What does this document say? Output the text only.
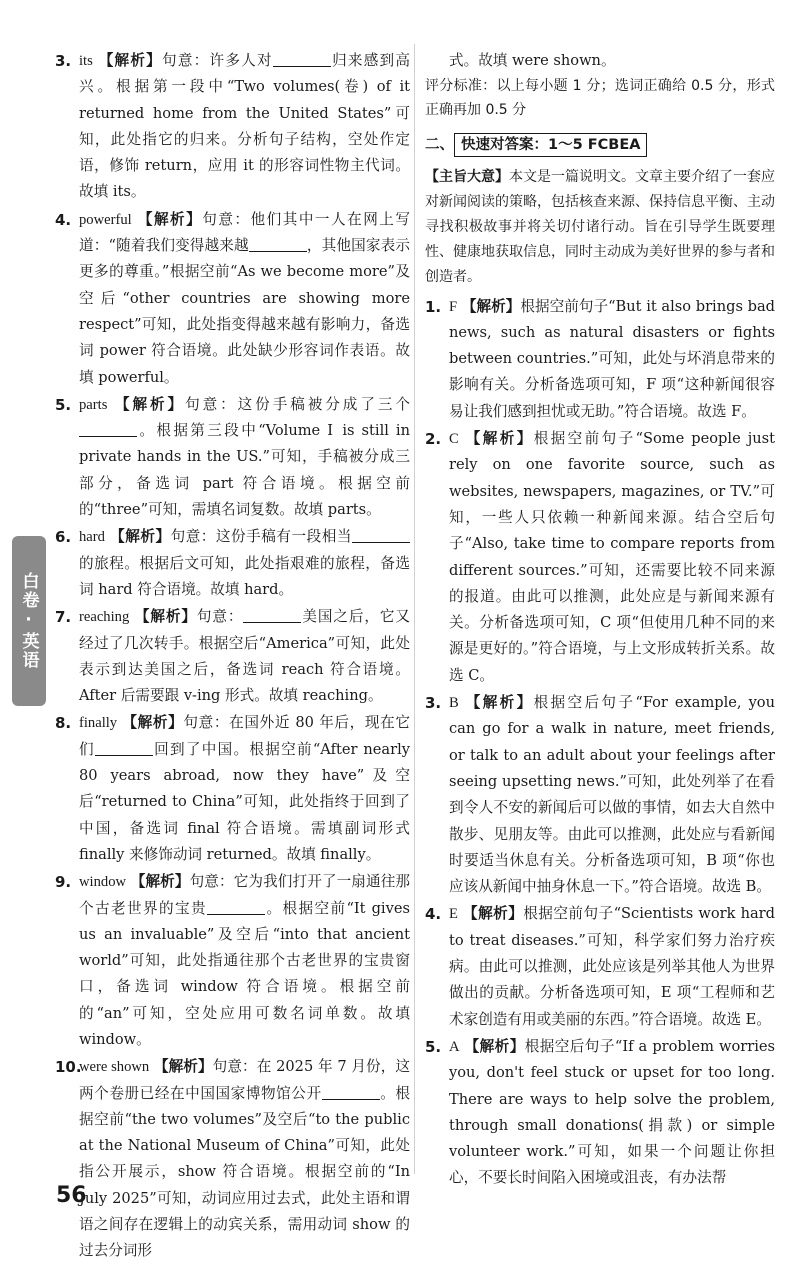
3. its 【解析】句意：许多人对	归来感到高兴。根据第一段中“Two volumes(卷) of it returned home from the United States”可知，此处指它的归来。分析句子结构，空处作定语，修饰 return，应用 it 的形容词性物主代词。故填 its。
4. powerful 【解析】句意：他们其中一人在网上写道：“随着我们变得越来越	，其他国家表示更多的尊重。”根据空前“As we become more”及空后“other countries are showing more respect”可知，此处指变得越来越有影响力，备选词 power 符合语境。此处缺少形容词作表语。故填 powerful。
5. parts 【解析】句意：这份手稿被分成了三个。根据第三段中“Volume Ⅰ is still in private hands in the US.”可知，手稿被分成三部分，备选词 part 符合语境。根据空前的“three”可知，需填名词复数。故填 parts。
6. hard 【解析】句意：这份手稿有一段相当的旅程。根据后文可知，此处指艰难的旅程，备选词 hard 符合语境。故填 hard。
7. reaching 【解析】句意：	美国之后，它又经过了几次转手。根据空后“America”可知，此处表示到达美国之后，备选词 reach 符合语境。After 后需要跟 v-ing 形式。故填 reaching。
8. finally 【解析】句意：在国外近 80 年后，现在它们	回到了中国。根据空前“After nearly 80 years abroad, now they have”及空后“returned to China”可知，此处指终于回到了中国，备选词 final 符合语境。需填副词形式 finally 来修饰动词 returned。故填 finally。
9. window 【解析】句意：它为我们打开了一扇通往那个古老世界的宝贵	。根据空前“It gives us an invaluable”及空后“into that ancient world”可知，此处指通往那个古老世界的宝贵窗口，备选词 window 符合语境。根据空前的“an”可知，空处应用可数名词单数。故填 window。
10.
were shown 【解析】句意：在 2025 年 7 月份，这两个卷册已经在中国国家博物馆公开	。根据空前“the two volumes”及空后“to the public at the National Museum of China”可知，此处指公开展示，show 符合语境。根据空前的“In July 2025”可知，动词应用过去式，此处主语和谓语之间存在逻辑上的动宾关系，需用动词 show 的过去分词形
式。故填 were shown。
评分标准：以上每小题 1 分；选词正确给 0.5 分，形式正确再加 0.5 分
二、 快速对答案：1～5 FCBEA
【主旨大意】本文是一篇说明文。文章主要介绍了一套应对新闻阅读的策略，包括核查来源、保持信息平衡、主动寻找积极故事并将关切付诸行动。旨在引导学生既要理性、健康地获取信息，同时主动成为美好世界的参与者和创造者。
1. F 【解析】根据空前句子“But it also brings bad news, such as natural disasters or fights between countries.”可知，此处与坏消息带来的影响有关。分析备选项可知，F 项“这种新闻很容易让我们感到担忧或无助。”符合语境。故选 F。
2. C 【解析】根据空前句子“Some people just rely on one favorite source, such as websites, newspapers, magazines, or TV.”可知，一些人只依赖一种新闻来源。结合空后句子“Also, take time to compare reports from different sources.”可知，还需要比较不同来源的报道。由此可以推测，此处应是与新闻来源有关。分析备选项可知，C 项“但使用几种不同的来源是更好的。”符合语境，与上文形成转折关系。故选 C。
3. B 【解析】根据空后句子“For example, you can go for a walk in nature, meet friends, or talk to an adult about your feelings after seeing upsetting news.”可知，此处列举了在看到令人不安的新闻后可以做的事情，如去大自然中散步、见朋友等。由此可以推测，此处应与看新闻时要适当休息有关。分析备选项可知，B 项“你也应该从新闻中抽身休息一下。”符合语境。故选 B。
4. E 【解析】根据空前句子“Scientists work hard to treat diseases.”可知，科学家们努力治疗疾病。由此可以推测，此处应该是列举其他人为世界做出的贡献。分析备选项可知，E 项“工程师和艺术家创造有用或美丽的东西。”符合语境。故选 E。
5. A 【解析】根据空后句子“If a problem worries you, don't feel stuck or upset for too long. There are ways to help solve the problem, through small donations(捐款) or simple volunteer work.”可知，如果一个问题让你担心，不要长时间陷入困境或沮丧，有办法帮
白卷·英语
56
